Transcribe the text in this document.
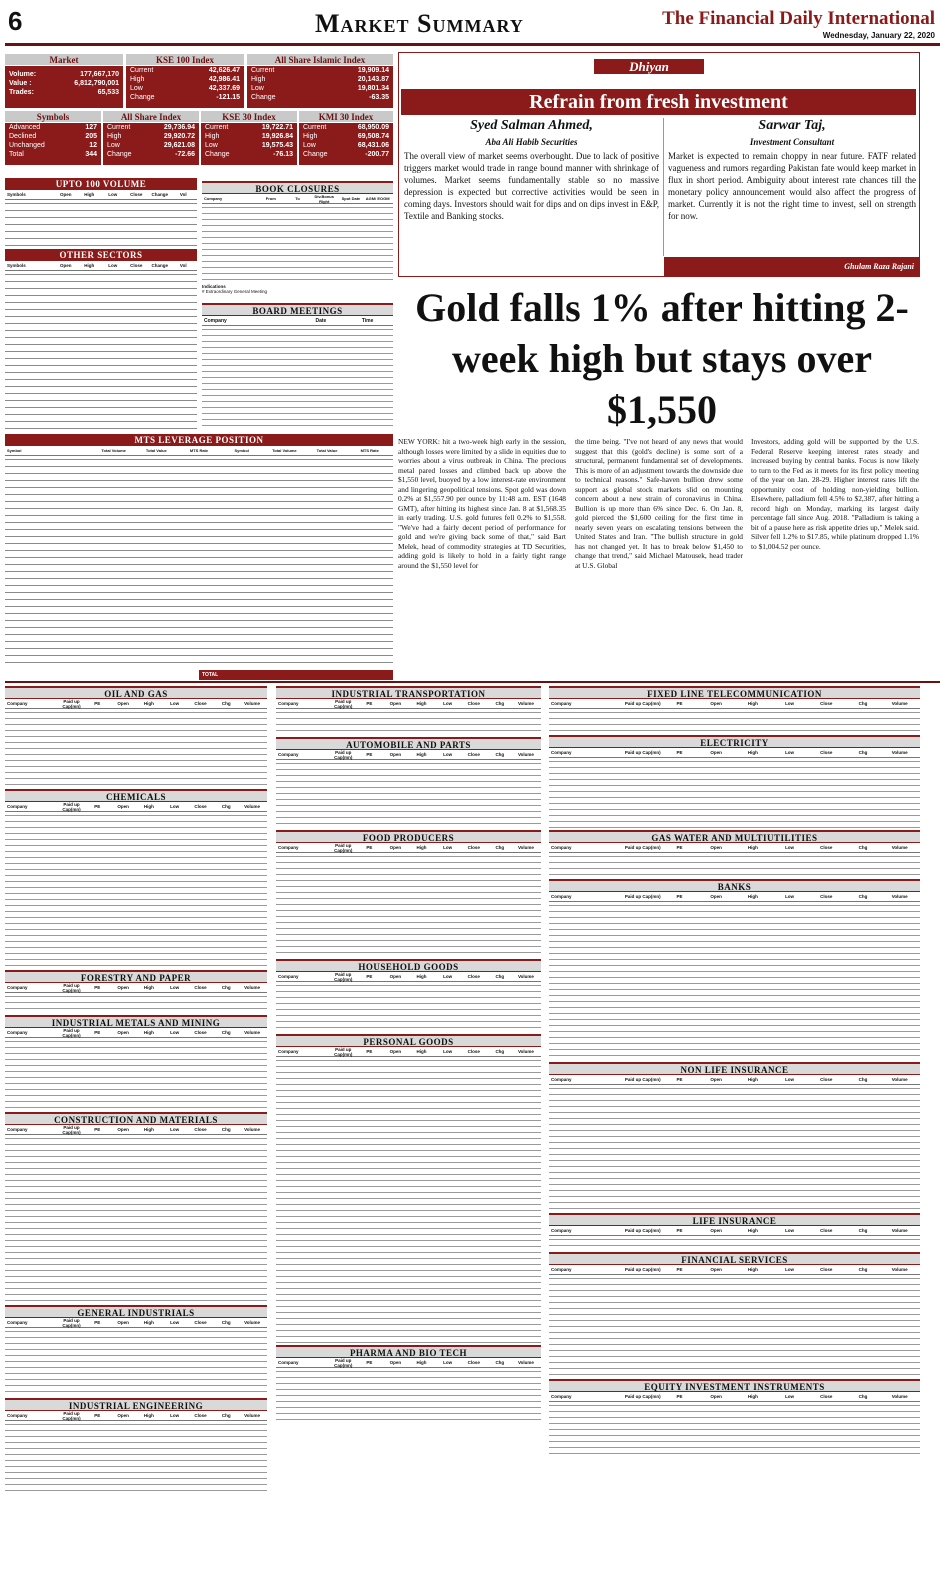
6	Market Summary	The Financial Daily International
Wednesday, January 22, 2020
Market
Volume:	177,667,170
Value :	6,812,790,001
Trades:	65,533
KSE 100 Index
Current	42,626.47
High	42,986.41
Low	42,337.69
Change	-121.15
All Share Islamic Index
Current	19,909.14
High	20,143.87
Low	19,801.34
Change	-63.35
Symbols
Advanced	127
Declined	205
Unchanged	12
Total	344
All Share Index
Current	29,736.94
High	29,920.72
Low	29,621.08
Change	-72.66
KSE 30 Index
Current	19,722.71
High	19,926.84
Low	19,575.43
Change	-76.13
KMI 30 Index
Current	68,950.09
High	69,508.74
Low	68,431.06
Change	-200.77
UPTO 100 VOLUME
Symbols	Open	High	Low	Close	Change	Vol
OTHER SECTORS
Symbols	Open	High	Low	Close	Change	Vol
BOOK CLOSURES
Company	From	To	Div.Bonus Right	Spot Date	AGM/ EOGM
Indications
# Extraordinary General Meeting
BOARD MEETINGS
Company	Date	Time
MTS LEVERAGE POSITION
Symbol	Total Volume	Total Value	MTS Rate	Symbol	Total Volume	Total Value	MTS Rate
TOTAL
Dhiyan
Refrain from fresh investment
Syed Salman Ahmed,
Aba Ali Habib Securities
The overall view of market seems overbought. Due to lack of positive triggers market would trade in range bound manner with shrinkage of volumes. Market seems fundamentally stable so no massive depression is expected but corrective activities would be seen in coming days. Investors should wait for dips and on dips invest in E&P, Textile and Banking stocks.
Sarwar Taj,
Investment Consultant
Market is expected to remain choppy in near future. FATF related vagueness and rumors regarding Pakistan fate would keep market in flux in short period. Ambiguity about interest rate chances till the monetary policy announcement would also affect the progress of market. Currently it is not the right time to invest, sell on strength for now.
Ghulam Raza Rajani
Gold falls 1% after hitting 2-week high but stays over $1,550
NEW YORK: hit a two-week high early in the session, although losses were limited by a slide in equities due to worries about a virus outbreak in China. The precious metal pared losses and climbed back up above the $1,550 level, buoyed by a low interest-rate environment and lingering geopolitical tensions. Spot gold was down 0.2% at $1,557.90 per ounce by 11:48 a.m. EST (1648 GMT), after hitting its highest since Jan. 8 at $1,568.35 in early trading. U.S. gold futures fell 0.2% to $1,558. "We've had a fairly decent period of performance for gold and we're giving back some of that," said Bart Melek, head of commodity strategies at TD Securities, adding gold is likely to hold in a fairly tight range around the $1,550 level for
the time being. "I've not heard of any news that would suggest that this (gold's decline) is some sort of a structural, permanent fundamental set of developments. This is more of an adjustment towards the downside due to technical reasons." Safe-haven bullion drew some support as global stock markets slid on mounting concern about a new strain of coronavirus in China. Bullion is up more than 6% since Dec. 6. On Jan. 8, gold pierced the $1,600 ceiling for the first time in nearly seven years on escalating tensions between the United States and Iran. "The bullish structure in gold has not changed yet. It has to break below $1,450 to change that trend," said Michael Matousek, head trader at U.S. Global
Investors, adding gold will be supported by the U.S. Federal Reserve keeping interest rates steady and increased buying by central banks. Focus is now likely to turn to the Fed as it meets for its first policy meeting of the year on Jan. 28-29. Higher interest rates lift the opportunity cost of holding non-yielding bullion. Elsewhere, palladium fell 4.5% to $2,387, after hitting a record high on Monday, marking its largest daily percentage fall since Aug. 2018. "Palladium is taking a bit of a pause here as risk appetite dries up," Melek said. Silver fell 1.2% to $17.85, while platinum dropped 1.1% to $1,004.52 per ounce.
OIL AND GAS
Company	Paid up Cap(mn)	PE	Open	High	Low	Close	Chg	Volume
CHEMICALS
Company	Paid up Cap(mn)	PE	Open	High	Low	Close	Chg	Volume
FORESTRY AND PAPER
Company	Paid up Cap(mn)	PE	Open	High	Low	Close	Chg	Volume
INDUSTRIAL METALS AND MINING
Company	Paid up Cap(mn)	PE	Open	High	Low	Close	Chg	Volume
CONSTRUCTION AND MATERIALS
Company	Paid up Cap(mn)	PE	Open	High	Low	Close	Chg	Volume
GENERAL INDUSTRIALS
Company	Paid up Cap(mn)	PE	Open	High	Low	Close	Chg	Volume
INDUSTRIAL ENGINEERING
Company	Paid up Cap(mn)	PE	Open	High	Low	Close	Chg	Volume
INDUSTRIAL TRANSPORTATION
Company	Paid up Cap(mn)	PE	Open	High	Low	Close	Chg	Volume
AUTOMOBILE AND PARTS
Company	Paid up Cap(mn)	PE	Open	High	Low	Close	Chg	Volume
FOOD PRODUCERS
Company	Paid up Cap(mn)	PE	Open	High	Low	Close	Chg	Volume
HOUSEHOLD GOODS
Company	Paid up Cap(mn)	PE	Open	High	Low	Close	Chg	Volume
PERSONAL GOODS
Company	Paid up Cap(mn)	PE	Open	High	Low	Close	Chg	Volume
PHARMA AND BIO TECH
Company	Paid up Cap(mn)	PE	Open	High	Low	Close	Chg	Volume
FIXED LINE TELECOMMUNICATION
Company	Paid up Cap(mn)	PE	Open	High	Low	Close	Chg	Volume
ELECTRICITY
Company	Paid up Cap(mn)	PE	Open	High	Low	Close	Chg	Volume
GAS WATER AND MULTIUTILITIES
Company	Paid up Cap(mn)	PE	Open	High	Low	Close	Chg	Volume
BANKS
Company	Paid up Cap(mn)	PE	Open	High	Low	Close	Chg	Volume
NON LIFE INSURANCE
Company	Paid up Cap(mn)	PE	Open	High	Low	Close	Chg	Volume
LIFE INSURANCE
Company	Paid up Cap(mn)	PE	Open	High	Low	Close	Chg	Volume
FINANCIAL SERVICES
Company	Paid up Cap(mn)	PE	Open	High	Low	Close	Chg	Volume
EQUITY INVESTMENT INSTRUMENTS
Company	Paid up Cap(mn)	PE	Open	High	Low	Close	Chg	Volume
